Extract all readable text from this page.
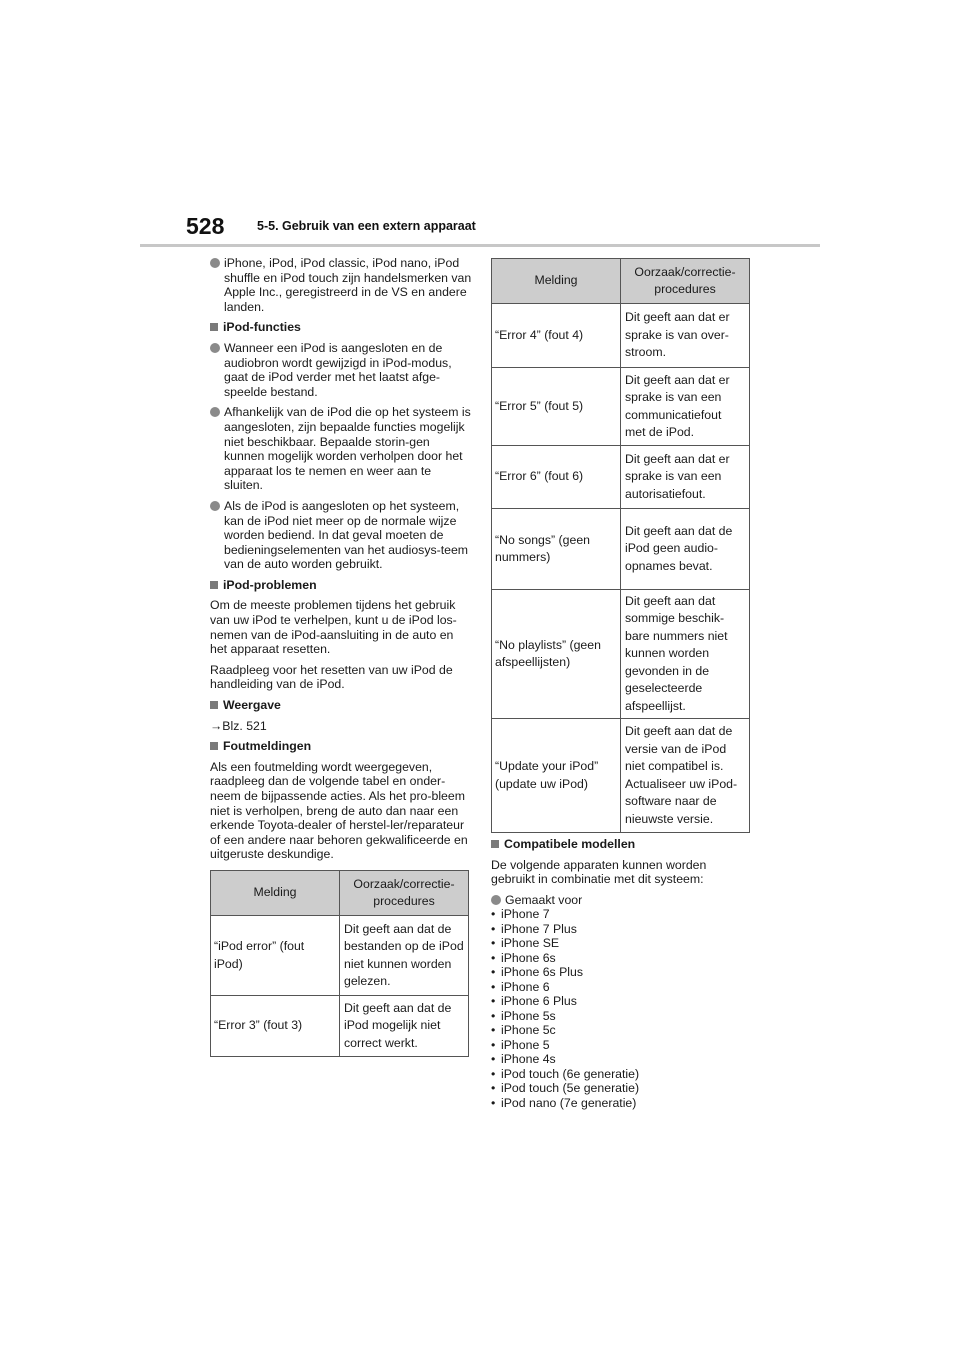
528	5-5. Gebruik van een extern apparaat
iPhone, iPod, iPod classic, iPod nano, iPod shuffle en iPod touch zijn handelsmerken van Apple Inc., geregistreerd in de VS en andere landen.
iPod-functies
Wanneer een iPod is aangesloten en de audiobron wordt gewijzigd in iPod-modus, gaat de iPod verder met het laatst afge-speelde bestand.
Afhankelijk van de iPod die op het systeem is aangesloten, zijn bepaalde functies mogelijk niet beschikbaar. Bepaalde storin-gen kunnen mogelijk worden verholpen door het apparaat los te nemen en weer aan te sluiten.
Als de iPod is aangesloten op het systeem, kan de iPod niet meer op de normale wijze worden bediend. In dat geval moeten de bedieningselementen van het audiosys-teem van de auto worden gebruikt.
iPod-problemen
Om de meeste problemen tijdens het gebruik van uw iPod te verhelpen, kunt u de iPod los-nemen van de iPod-aansluiting in de auto en het apparaat resetten.
Raadpleeg voor het resetten van uw iPod de handleiding van de iPod.
Weergave
→Blz. 521
Foutmeldingen
Als een foutmelding wordt weergegeven, raadpleeg dan de volgende tabel en onder-neem de bijpassende acties. Als het pro-bleem niet is verholpen, breng de auto dan naar een erkende Toyota-dealer of herstel-ler/reparateur of een andere naar behoren gekwalificeerde en uitgeruste deskundige.
Melding	Oorzaak/correctie-procedures
“iPod error” (fout iPod)	Dit geeft aan dat de bestanden op de iPod niet kunnen worden gelezen.
“Error 3” (fout 3)	Dit geeft aan dat de iPod mogelijk niet correct werkt.
Melding	Oorzaak/correctie-procedures
“Error 4” (fout 4)	Dit geeft aan dat er sprake is van over-stroom.
“Error 5” (fout 5)	Dit geeft aan dat er sprake is van een communicatiefout met de iPod.
“Error 6” (fout 6)	Dit geeft aan dat er sprake is van een autorisatiefout.
“No songs” (geen nummers)	Dit geeft aan dat de iPod geen audio-opnames bevat.
“No playlists” (geen afspeellijsten)	Dit geeft aan dat sommige beschik-bare nummers niet kunnen worden gevonden in de geselecteerde afspeellijst.
“Update your iPod” (update uw iPod)	Dit geeft aan dat de versie van de iPod niet compatibel is. Actualiseer uw iPod-software naar de nieuwste versie.
Compatibele modellen
De volgende apparaten kunnen worden gebruikt in combinatie met dit systeem:
Gemaakt voor
• iPhone 7
• iPhone 7 Plus
• iPhone SE
• iPhone 6s
• iPhone 6s Plus
• iPhone 6
• iPhone 6 Plus
• iPhone 5s
• iPhone 5c
• iPhone 5
• iPhone 4s
• iPod touch (6e generatie)
• iPod touch (5e generatie)
• iPod nano (7e generatie)
